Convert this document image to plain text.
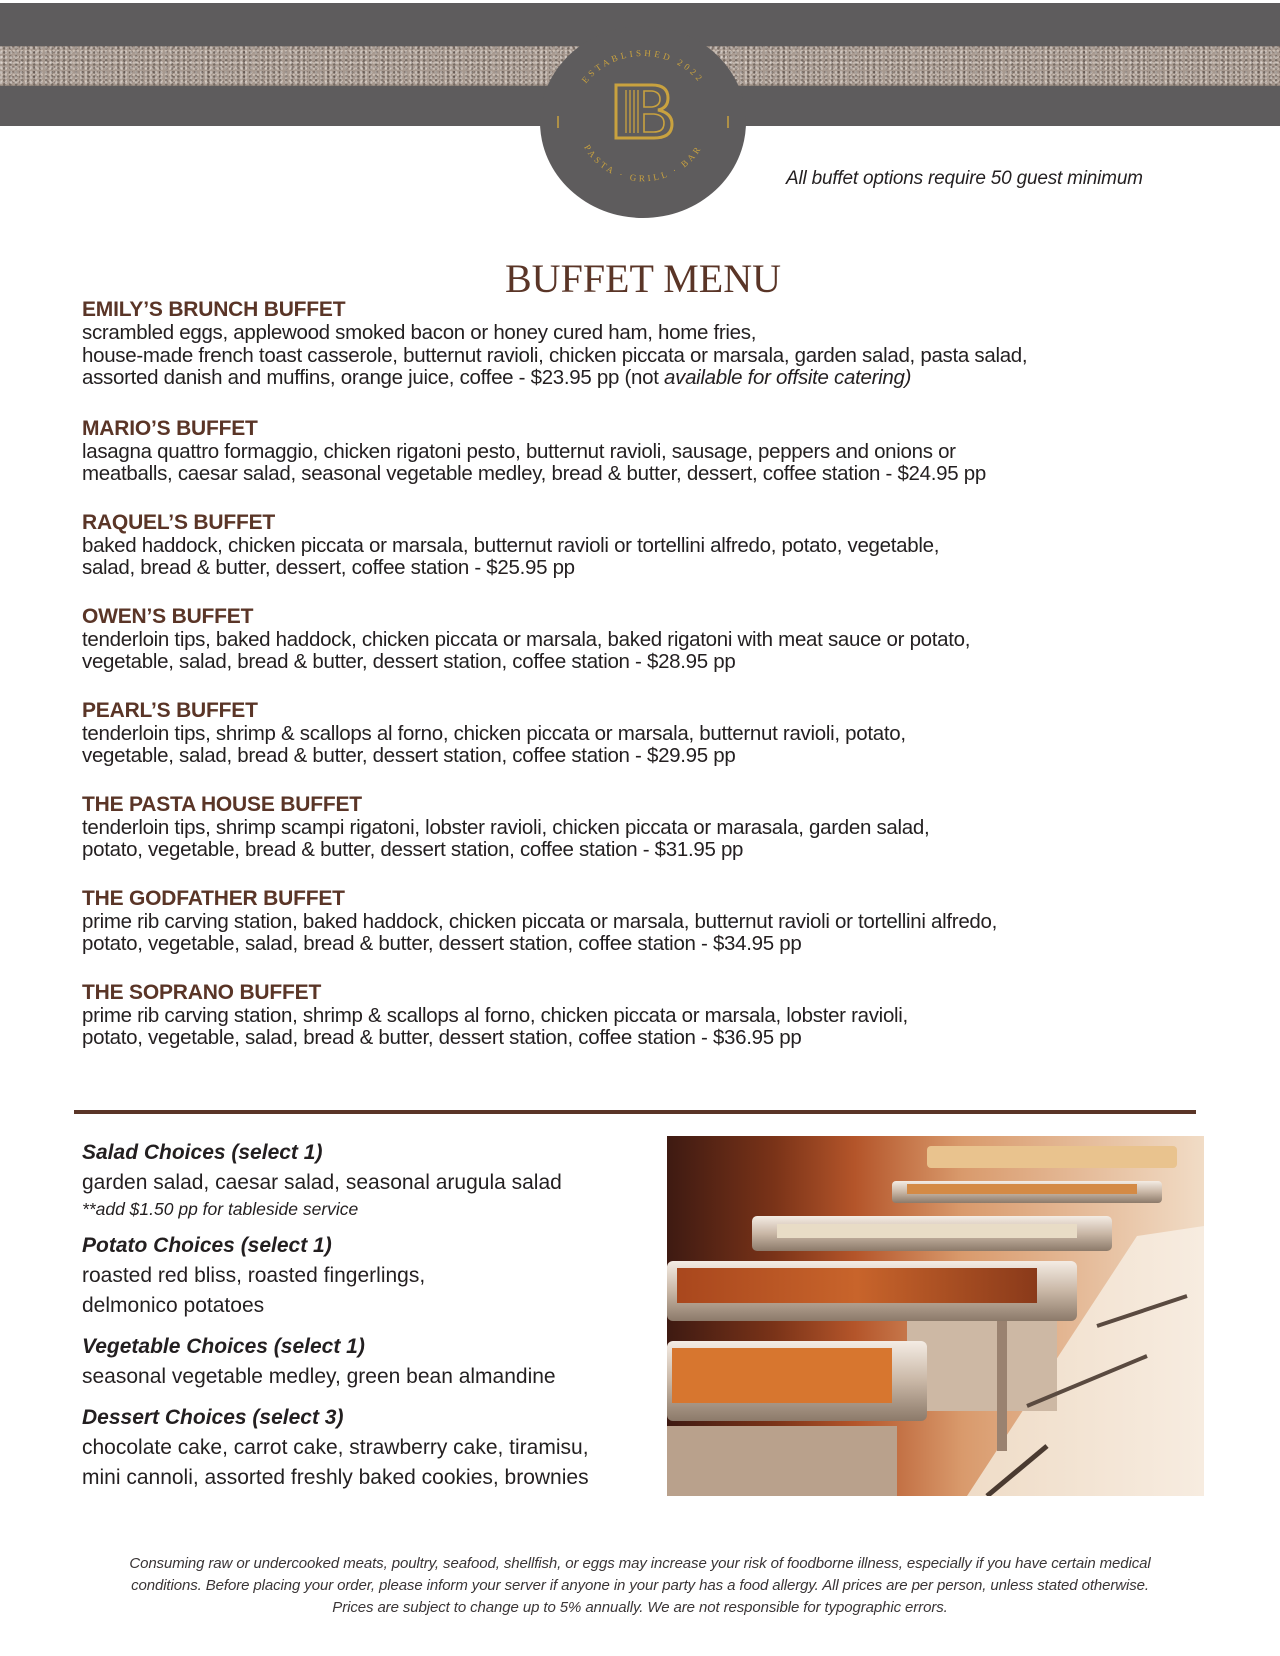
ESTABLISHED 2022
PASTA · GRILL · BAR
B
All buffet options require 50 guest minimum
BUFFET MENU
EMILY’S BRUNCH BUFFET

scrambled eggs, applewood smoked bacon or honey cured ham, home fries,
house-made french toast casserole, butternut ravioli, chicken piccata or marsala, garden salad, pasta salad,
assorted danish and muffins, orange juice, coffee - $23.95 pp (not available for offsite catering)

MARIO’S BUFFET

lasagna quattro formaggio, chicken rigatoni pesto, butternut ravioli, sausage, peppers and onions or
meatballs, caesar salad, seasonal vegetable medley, bread & butter, dessert, coffee station - $24.95 pp

RAQUEL’S BUFFET

baked haddock, chicken piccata or marsala, butternut ravioli or tortellini alfredo, potato, vegetable,
salad, bread & butter, dessert, coffee station - $25.95 pp

OWEN’S BUFFET

tenderloin tips, baked haddock, chicken piccata or marsala, baked rigatoni with meat sauce or potato,
vegetable, salad, bread & butter, dessert station, coffee station - $28.95 pp

PEARL’S BUFFET

tenderloin tips, shrimp & scallops al forno, chicken piccata or marsala, butternut ravioli, potato,
vegetable, salad, bread & butter, dessert station, coffee station - $29.95 pp

THE PASTA HOUSE BUFFET

tenderloin tips, shrimp scampi rigatoni, lobster ravioli, chicken piccata or marasala, garden salad,
potato, vegetable, bread & butter, dessert station, coffee station - $31.95 pp

THE GODFATHER BUFFET

prime rib carving station, baked haddock, chicken piccata or marsala, butternut ravioli or tortellini alfredo,
potato, vegetable, salad, bread & butter, dessert station, coffee station - $34.95 pp

THE SOPRANO BUFFET

prime rib carving station, shrimp & scallops al forno, chicken piccata or marsala, lobster ravioli,
potato, vegetable, salad, bread & butter, dessert station, coffee station - $36.95 pp

Salad Choices (select 1)

garden salad, caesar salad, seasonal arugula salad

**add $1.50 pp for tableside service

Potato Choices (select 1)

roasted red bliss, roasted fingerlings,

delmonico potatoes

Vegetable Choices (select 1)

seasonal vegetable medley, green bean almandine

Dessert Choices (select 3)

chocolate cake, carrot cake, strawberry cake, tiramisu,

mini cannoli, assorted freshly baked cookies, brownies

Consuming raw or undercooked meats, poultry, seafood, shellfish, or eggs may increase your risk of foodborne illness, especially if you have certain medical
conditions. Before placing your order, please inform your server if anyone in your party has a food allergy. All prices are per person, unless stated otherwise.
Prices are subject to change up to 5% annually. We are not responsible for typographic errors.
